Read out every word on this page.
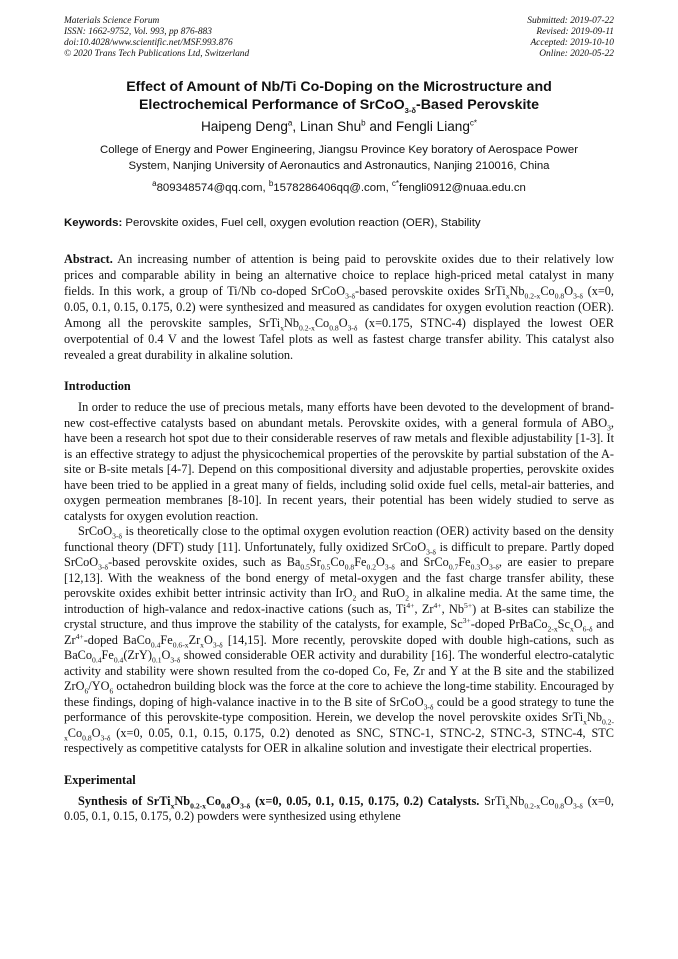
Materials Science Forum
ISSN: 1662-9752, Vol. 993, pp 876-883
doi:10.4028/www.scientific.net/MSF.993.876
© 2020 Trans Tech Publications Ltd, Switzerland
Submitted: 2019-07-22
Revised: 2019-09-11
Accepted: 2019-10-10
Online: 2020-05-22
Effect of Amount of Nb/Ti Co-Doping on the Microstructure and
Electrochemical Performance of SrCoO$_{3-\delta}$-Based Perovskite
Haipeng Deng$^a$, Linan Shu$^b$ and Fengli Liang$^{c*}$
College of Energy and Power Engineering, Jiangsu Province Key boratory of Aerospace Power
System, Nanjing University of Aeronautics and Astronautics, Nanjing 210016, China
$^a$809348574@qq.com, $^b$1578286406qq@.com, $^{c*}$fengli0912@nuaa.edu.cn
Keywords: Perovskite oxides, Fuel cell, oxygen evolution reaction (OER), Stability
Abstract. An increasing number of attention is being paid to perovskite oxides due to their relatively low prices and comparable ability in being an alternative choice to replace high-priced metal catalyst in many fields. In this work, a group of Ti/Nb co-doped SrCoO$_{3-\delta}$-based perovskite oxides $SrTi_xNb_{0.2-x}Co_{0.8}O_{3-\delta}$ (x=0, 0.05, 0.1, 0.15, 0.175, 0.2) were synthesized and measured as candidates for oxygen evolution reaction (OER). Among all the perovskite samples, $SrTi_xNb_{0.2-x}Co_{0.8}O_{3-\delta}$ (x=0.175, STNC-4) displayed the lowest OER overpotential of 0.4 V and the lowest Tafel plots as well as fastest charge transfer ability. This catalyst also revealed a great durability in alkaline solution.
Introduction

In order to reduce the use of precious metals, many efforts have been devoted to the development of brand-new cost-effective catalysts based on abundant metals. Perovskite oxides, with a general formula of $ABO_3$, have been a research hot spot due to their considerable reserves of raw metals and flexible adjustability [1-3]. It is an effective strategy to adjust the physicochemical properties of the perovskite by partial substation of the A-site or B-site metals [4-7]. Depend on this compositional diversity and adjustable properties, perovskite oxides have been tried to be applied in a great many of fields, including solid oxide fuel cells, metal-air batteries, and oxygen permeation membranes [8-10]. In recent years, their potential has been widely studied to serve as catalysts for oxygen evolution reaction.

SrCoO$_{3-\delta}$ is theoretically close to the optimal oxygen evolution reaction (OER) activity based on the density functional theory (DFT) study [11]. Unfortunately, fully oxidized SrCoO$_{3-\delta}$ is difficult to prepare. Partly doped SrCoO$_{3-\delta}$-based perovskite oxides, such as $Ba_{0.5}Sr_{0.5}Co_{0.8}Fe_{0.2}O_{3-\delta}$ and $SrCo_{0.7}Fe_{0.3}O_{3-\delta}$, are easier to prepare [12,13]. With the weakness of the bond energy of metal-oxygen and the fast charge transfer ability, these perovskite oxides exhibit better intrinsic activity than IrO$_2$ and RuO$_2$ in alkaline media. At the same time, the introduction of high-valance and redox-inactive cations (such as, $Ti^{4+}$, $Zr^{4+}$, $Nb^{5+}$) at B-sites can stabilize the crystal structure, and thus improve the stability of the catalysts, for example, $Sc^{3+}$-doped $PrBaCo_{2-x}Sc_xO_{6-\delta}$ and $Zr^{4+}$-doped $BaCo_{0.4}Fe_{0.6-x}Zr_xO_{3-\delta}$ [14,15]. More recently, perovskite doped with double high-cations, such as $BaCo_{0.4}Fe_{0.4}(ZrY)_{0.1}O_{3-\delta}$ showed considerable OER activity and durability [16]. The wonderful electro-catalytic activity and stability were shown resulted from the co-doped Co, Fe, Zr and Y at the B site and the stabilized $ZrO_6/YO_6$ octahedron building block was the force at the core to achieve the long-time stability. Encouraged by these findings, doping of high-valance inactive in to the B site of SrCoO$_{3-\delta}$ could be a good strategy to tune the performance of this perovskite-type composition. Herein, we develop the novel perovskite oxides $SrTi_xNb_{0.2-x}Co_{0.8}O_{3-\delta}$ (x=0, 0.05, 0.1, 0.15, 0.175, 0.2) denoted as SNC, STNC-1, STNC-2, STNC-3, STNC-4, STC respectively as competitive catalysts for OER in alkaline solution and investigate their electrical properties.

Experimental

Synthesis of $SrTi_xNb_{0.2-x}Co_{0.8}O_{3-\delta}$ (x=0, 0.05, 0.1, 0.15, 0.175, 0.2) Catalysts. $SrTi_xNb_{0.2-x}Co_{0.8}O_{3-\delta}$ (x=0, 0.05, 0.1, 0.15, 0.175, 0.2) powders were synthesized using ethylene
